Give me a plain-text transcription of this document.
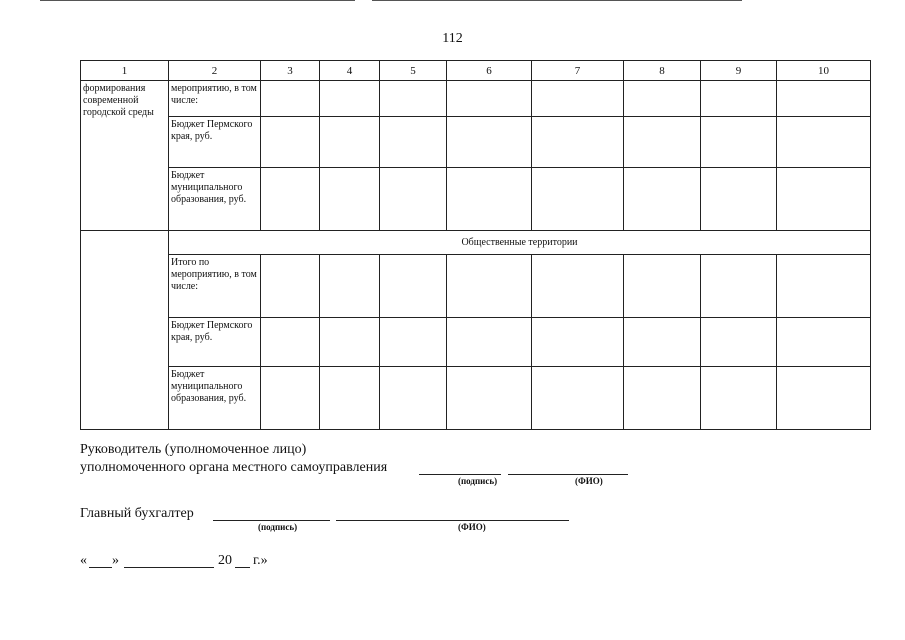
112
1	2	3	4	5	6	7	8	9	10
формирования современной городской среды	мероприятию, в том числе:								
	Бюджет Пермского края, руб.								
	Бюджет муниципального образования, руб.								
	Общественные территории								
	Итого по мероприятию, в том числе:								
	Бюджет Пермского края, руб.								
	Бюджет муниципального образования, руб.								
Руководитель (уполномоченное лицо)
уполномоченного органа местного самоуправления
(подпись)	(ФИО)
Главный бухгалтер
(подпись)	(ФИО)
« »	20 г.»
